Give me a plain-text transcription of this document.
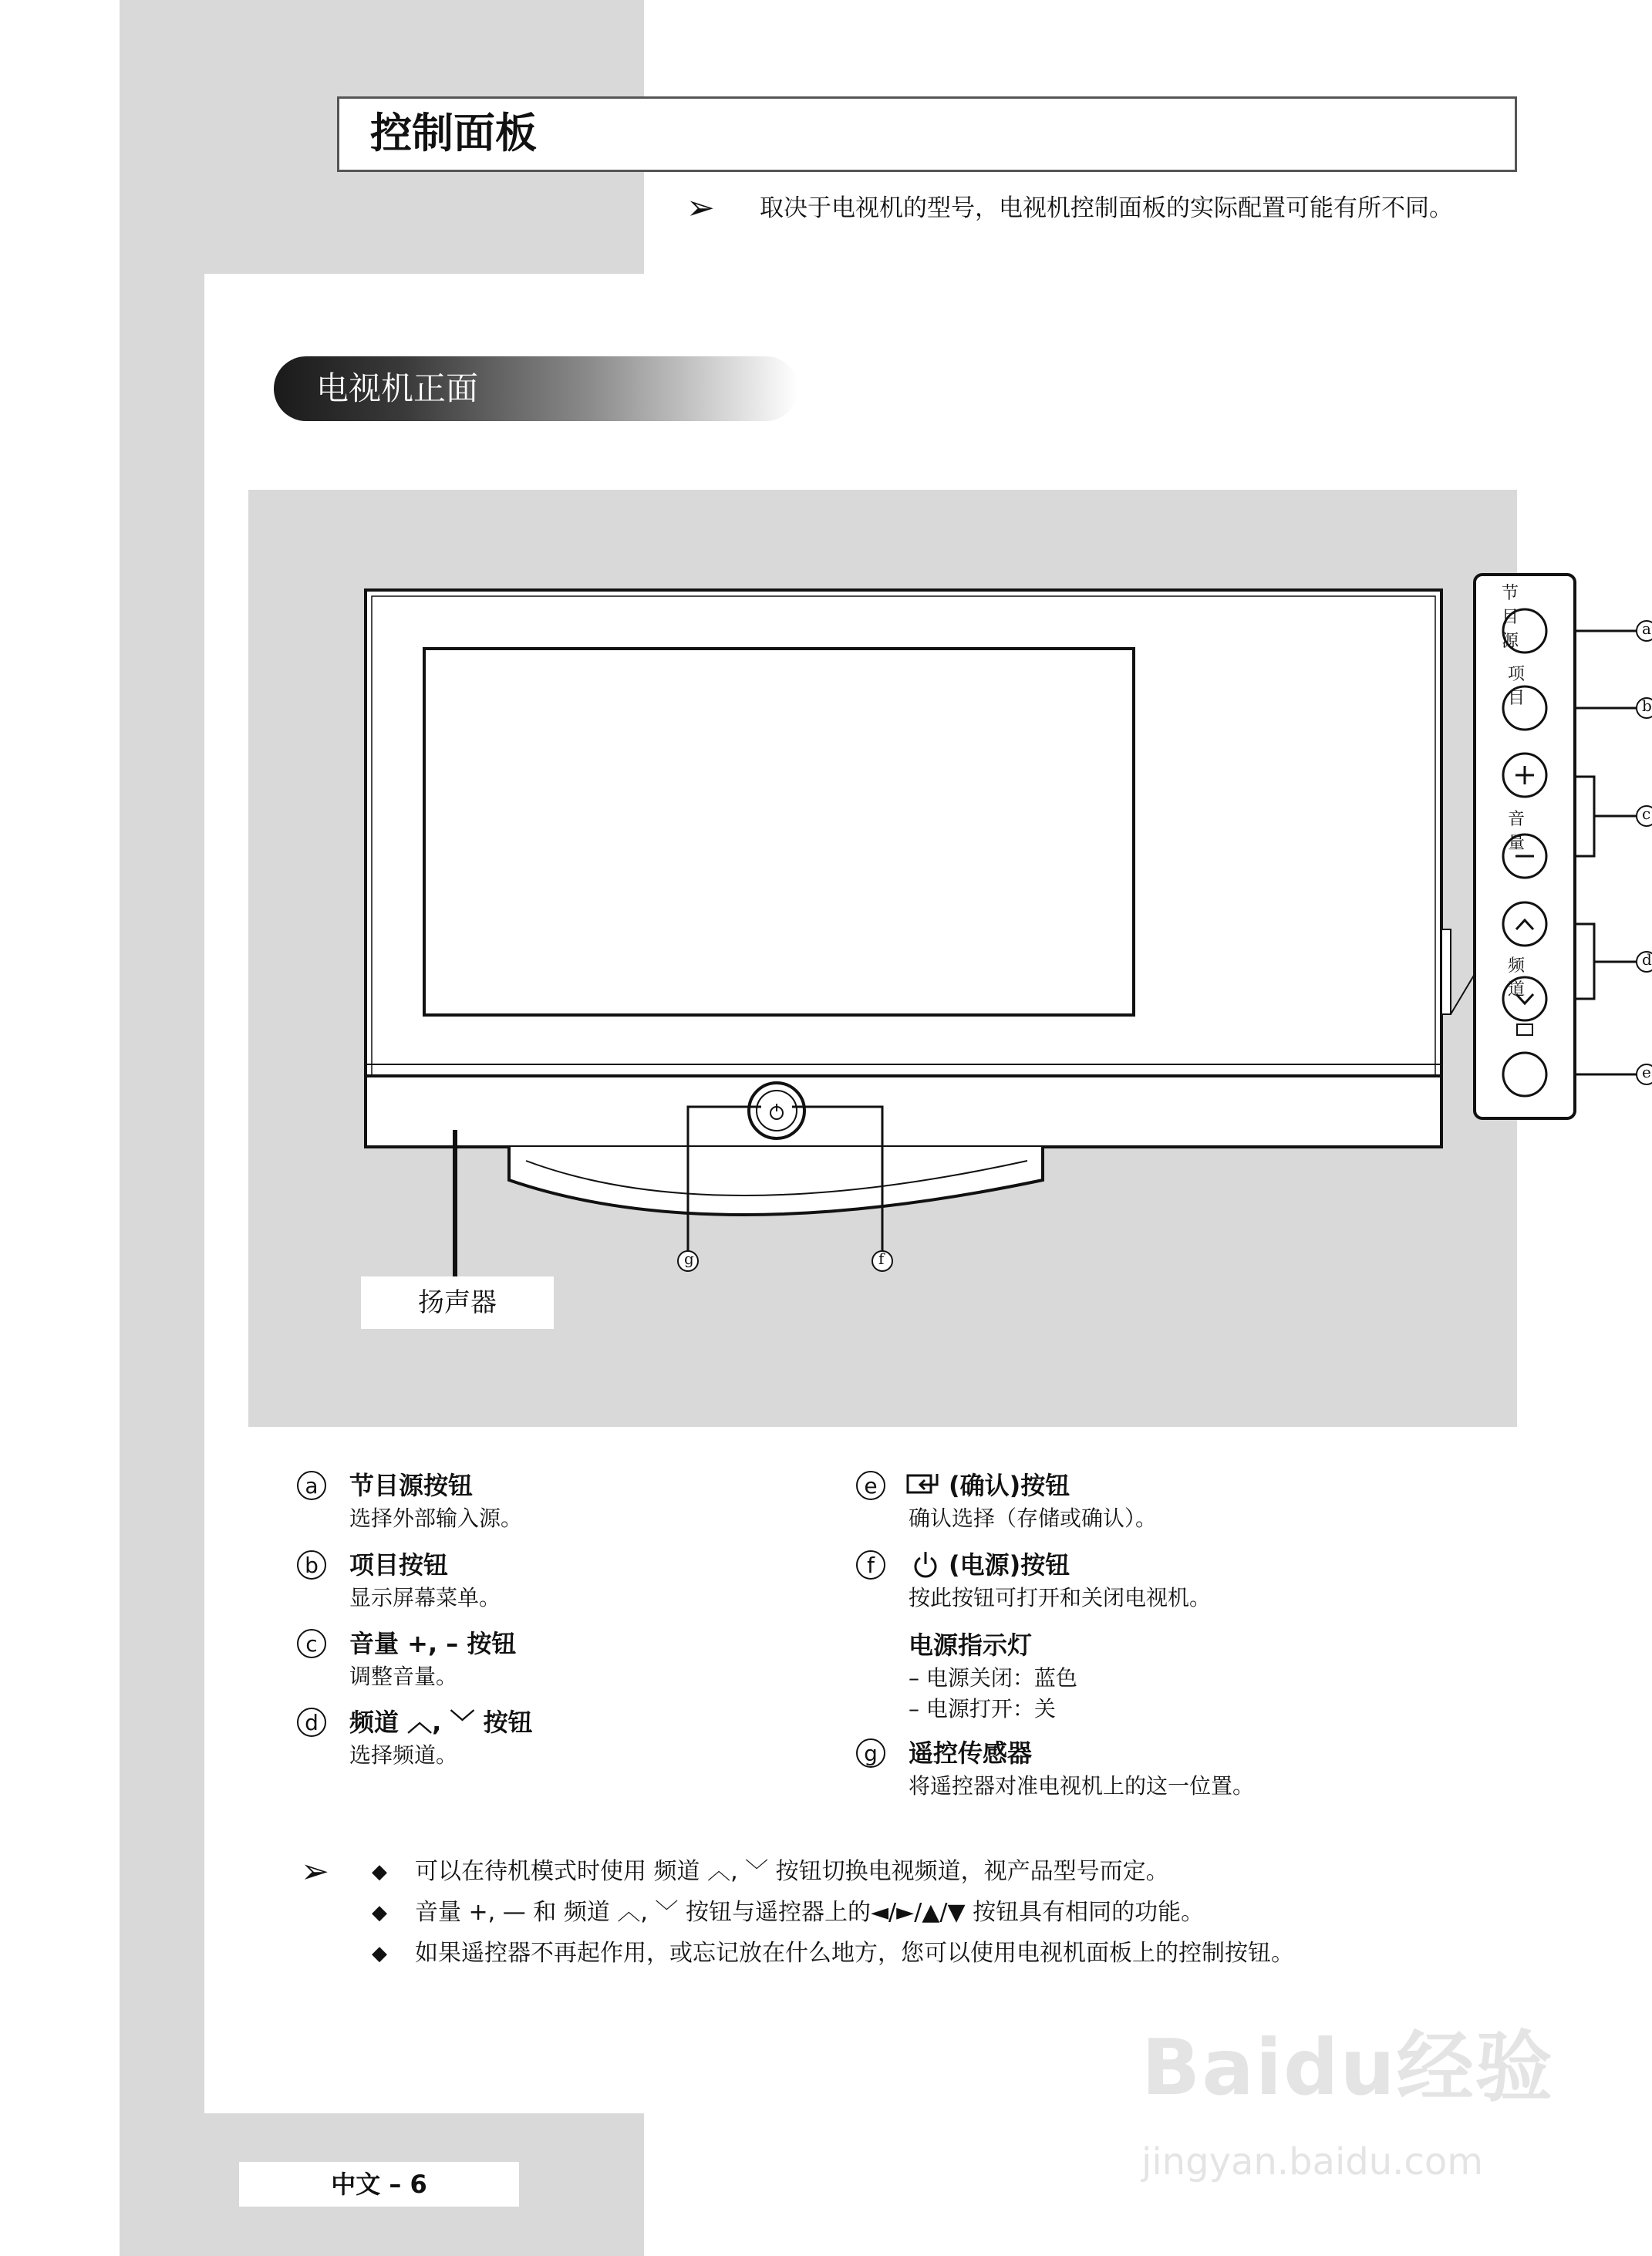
控制面板
➢ 取决于电视机的型号，电视机控制面板的实际配置可能有所不同。
电视机正面
节目源
项目
音量
频道
a
b
c
d
e
f
g
扬声器
a	节目源按钮
选择外部输入源。
b	项目按钮
显示屏幕菜单。
c	音量 +, – 按钮
调整音量。
d	频道 ︿, ﹀ 按钮
选择频道。
e	(确认)按钮
确认选择（存储或确认）。
f	(电源)按钮
按此按钮可打开和关闭电视机。
电源指示灯
– 电源关闭：蓝色
– 电源打开：关
g	遥控传感器
将遥控器对准电视机上的这一位置。
➢ ◆ 可以在待机模式时使用 频道 ︿, ﹀ 按钮切换电视频道，视产品型号而定。
◆ 音量 +, — 和 频道 ︿, ﹀ 按钮与遥控器上的◄/►/▲/▼ 按钮具有相同的功能。
◆ 如果遥控器不再起作用，或忘记放在什么地方，您可以使用电视机面板上的控制按钮。
Baidu经验
jingyan.baidu.com
中文 – 6
